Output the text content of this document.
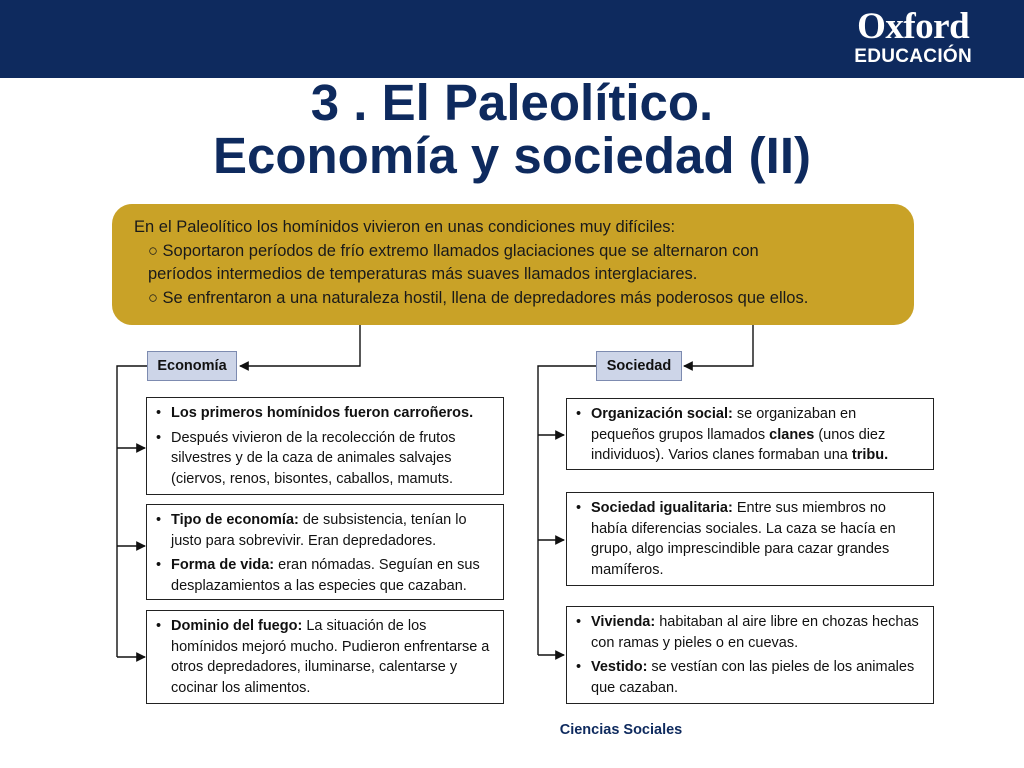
Oxford
EDUCACIÓN
3 . El Paleolítico.
Economía y sociedad (II)
En el Paleolítico los homínidos vivieron en unas condiciones muy difíciles:
○ Soportaron períodos de frío extremo llamados glaciaciones que se alternaron con
períodos intermedios de temperaturas más suaves llamados interglaciares.
○ Se enfrentaron a una naturaleza hostil, llena de depredadores más poderosos que ellos.
Economía	Sociedad
• Los primeros homínidos fueron carroñeros.
• Después vivieron de la recolección de frutos silvestres y de la caza de animales salvajes (ciervos, renos, bisontes, caballos, mamuts.
• Tipo de economía: de subsistencia, tenían lo justo para sobrevivir. Eran depredadores.
• Forma de vida: eran nómadas. Seguían en sus desplazamientos a las especies que cazaban.
• Dominio del fuego: La situación de los homínidos mejoró mucho. Pudieron enfrentarse a otros depredadores, iluminarse, calentarse y cocinar los alimentos.
• Organización social: se organizaban en pequeños grupos llamados clanes (unos diez individuos). Varios clanes formaban una tribu.
• Sociedad igualitaria: Entre sus miembros no había diferencias sociales. La caza se hacía en grupo, algo imprescindible para cazar grandes mamíferos.
• Vivienda: habitaban al aire libre en chozas hechas con ramas y pieles o en cuevas.
• Vestido: se vestían con las pieles de los animales que cazaban.
Ciencias Sociales
